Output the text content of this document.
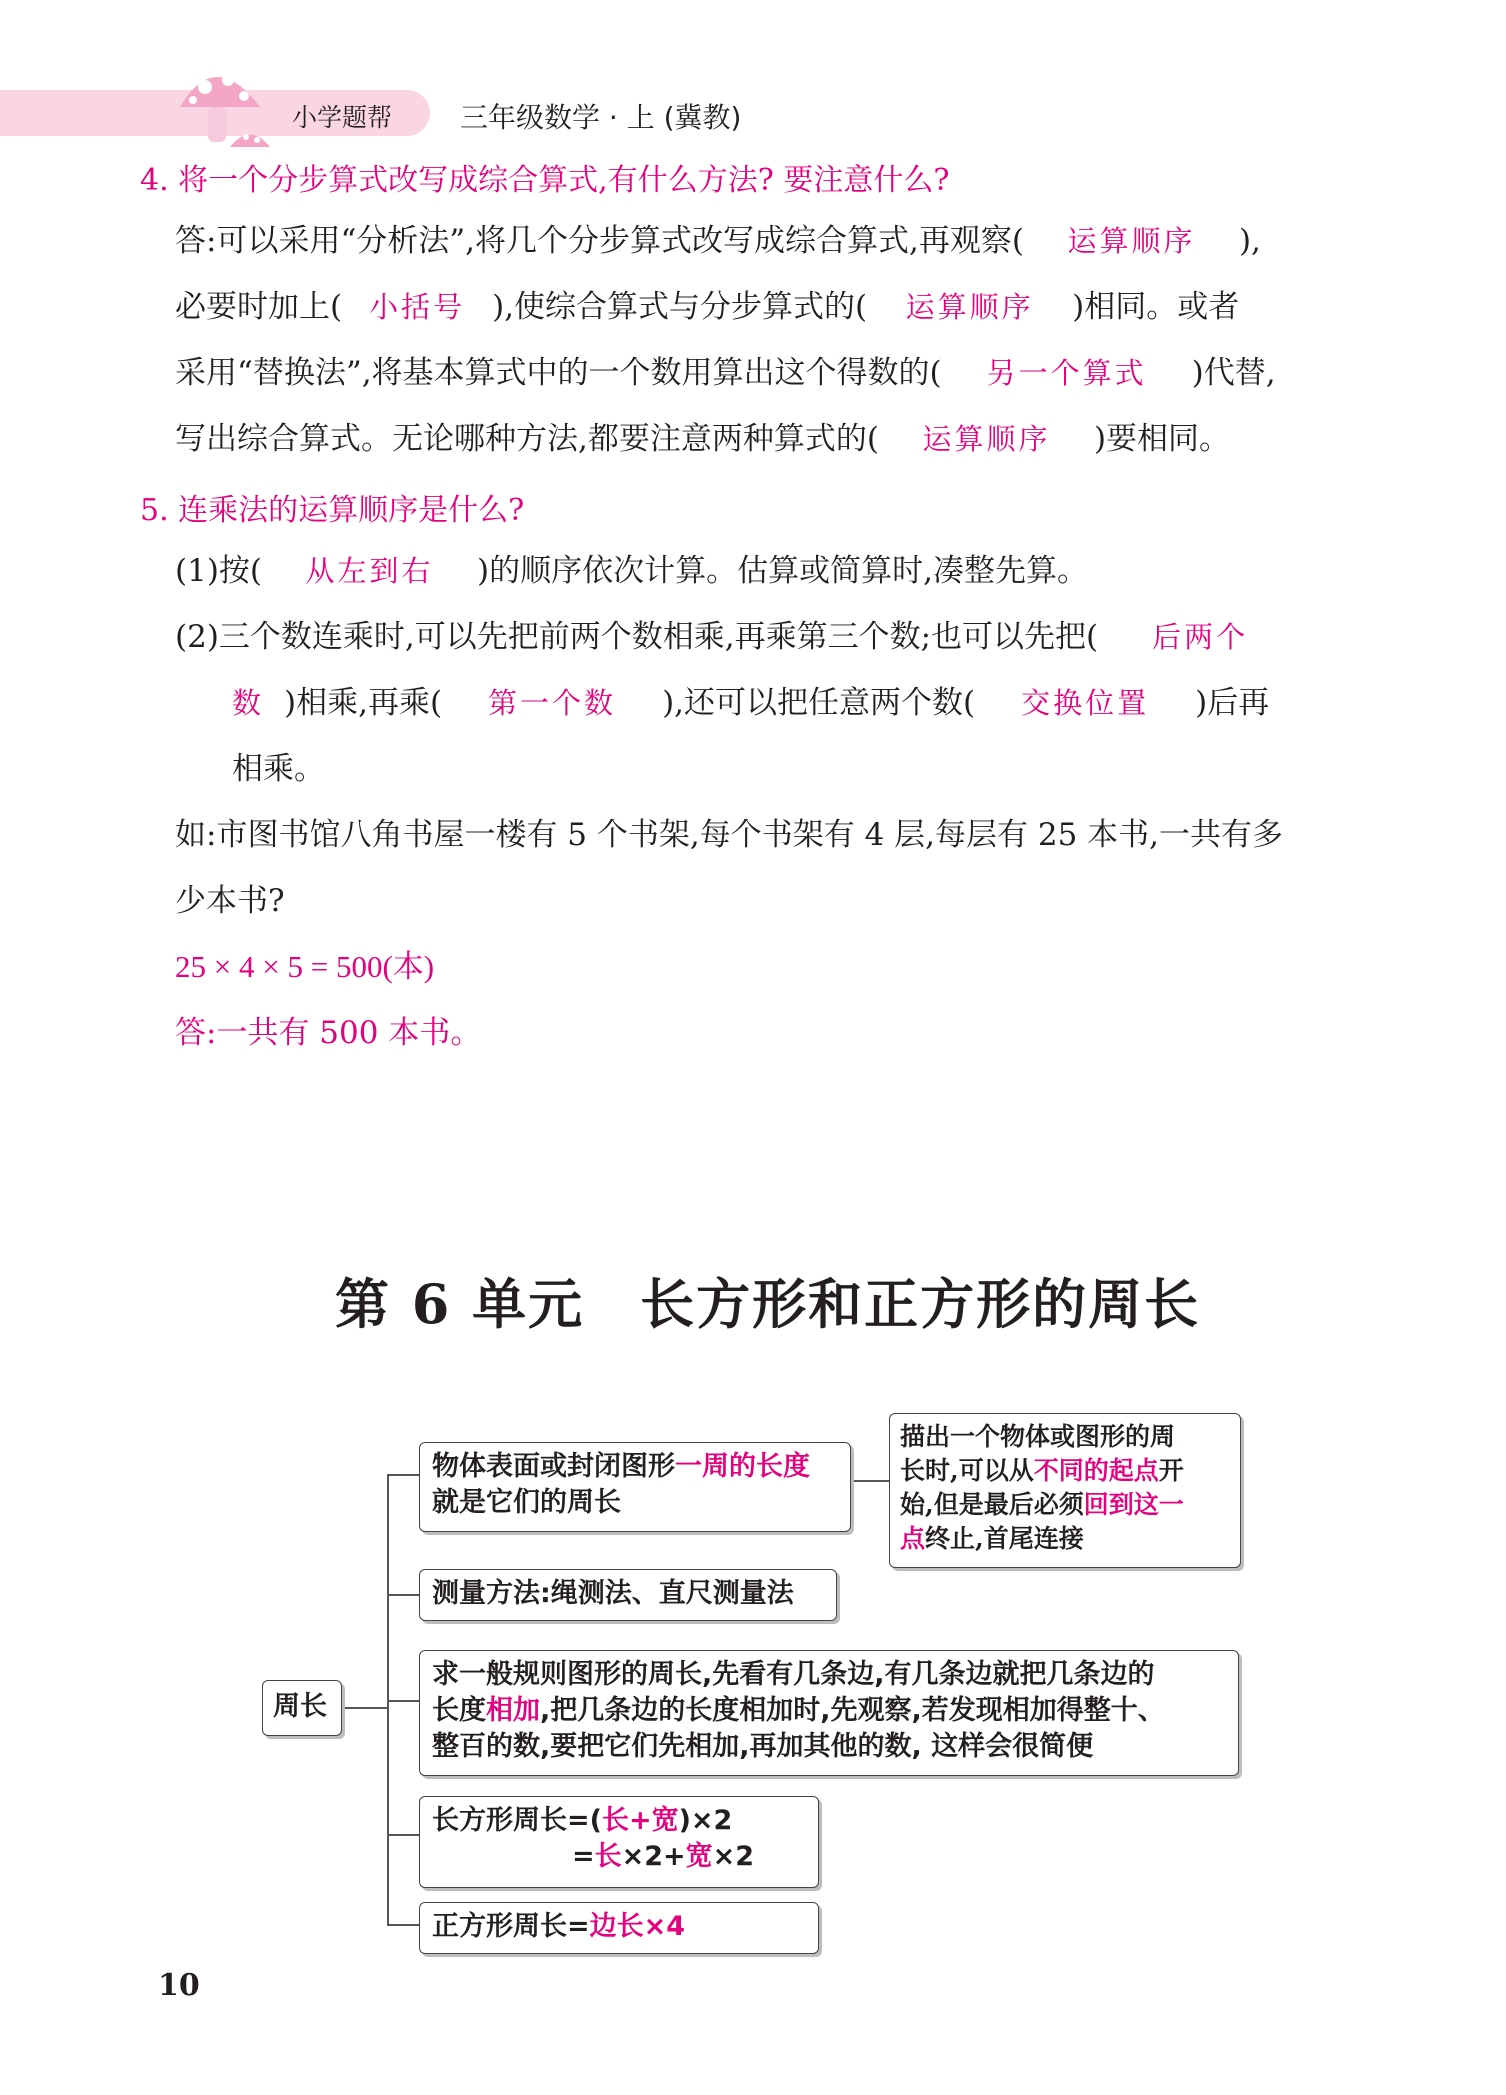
小学题帮 三年级数学 · 上 (冀教)
4. 将一个分步算式改写成综合算式,有什么方法? 要注意什么?
答:可以采用“分析法”,将几个分步算式改写成综合算式,再观察( 运算顺序 ),
必要时加上( 小括号 ),使综合算式与分步算式的( 运算顺序 )相同。或者
采用“替换法”,将基本算式中的一个数用算出这个得数的( 另一个算式 )代替,
写出综合算式。无论哪种方法,都要注意两种算式的( 运算顺序 )要相同。
5. 连乘法的运算顺序是什么?
(1)按( 从左到右 )的顺序依次计算。估算或简算时,凑整先算。
(2)三个数连乘时,可以先把前两个数相乘,再乘第三个数;也可以先把( 后两个
数 )相乘,再乘( 第一个数 ),还可以把任意两个数( 交换位置 )后再
相乘。
如:市图书馆八角书屋一楼有 5 个书架,每个书架有 4 层,每层有 25 本书,一共有多
少本书?
25 × 4 × 5 = 500(本)
答:一共有 500 本书。
第 6 单元　长方形和正方形的周长
周长
物体表面或封闭图形一周的长度
就是它们的周长
描出一个物体或图形的周
长时,可以从不同的起点开
始,但是最后必须回到这一
点终止,首尾连接
测量方法:绳测法、直尺测量法
求一般规则图形的周长,先看有几条边,有几条边就把几条边的
长度相加,把几条边的长度相加时,先观察,若发现相加得整十、
整百的数,要把它们先相加,再加其他的数, 这样会很简便
长方形周长=(长+宽)×2
=长×2+宽×2
正方形周长=边长×4
10
